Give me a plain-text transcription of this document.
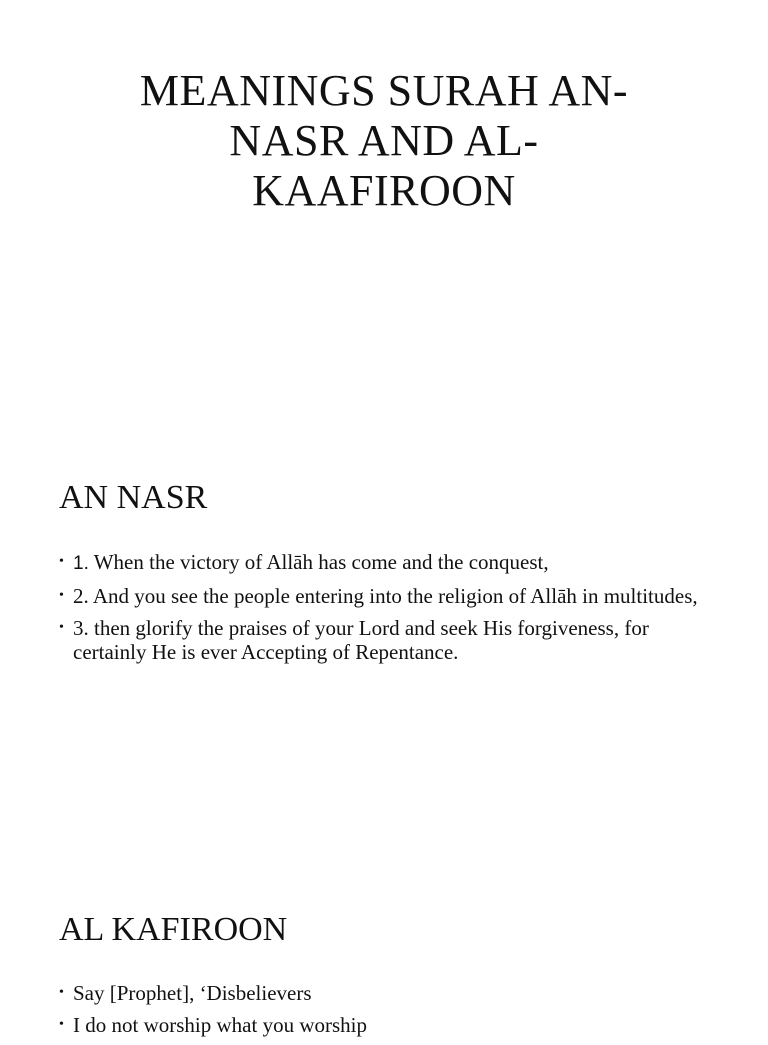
MEANINGS SURAH AN-
NASR AND AL-
KAAFIROON
AN NASR
• 1. When the victory of Allāh has come and the conquest,
• 2. And you see the people entering into the religion of Allāh in multitudes,
• 3. then glorify the praises of your Lord and seek His forgiveness, for certainly He is ever Accepting of Repentance.
AL KAFIROON
• Say [Prophet], ‘Disbelievers
• I do not worship what you worship
